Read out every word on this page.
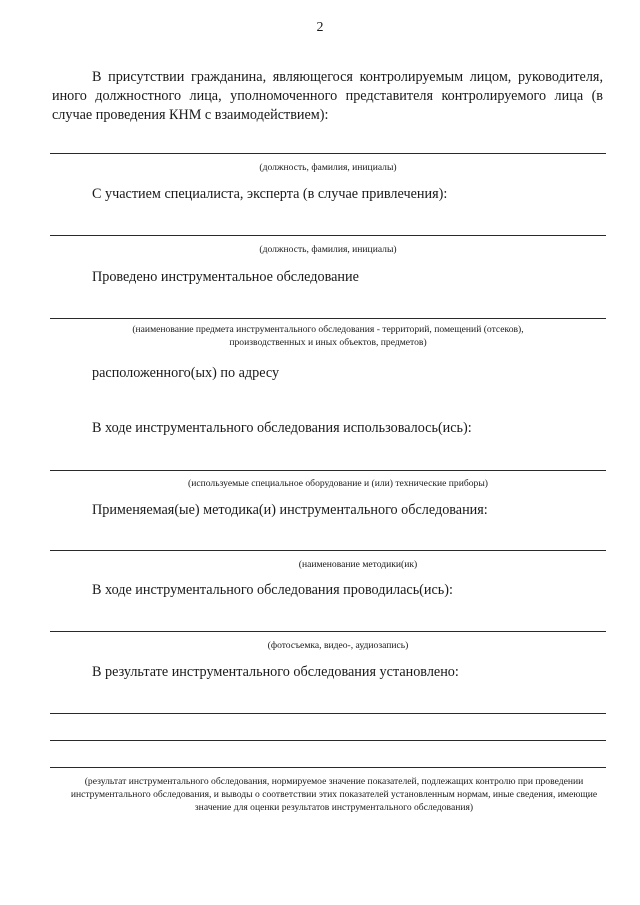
2

В присутствии гражданина, являющегося контролируемым лицом, руководителя, иного должностного лица, уполномоченного представителя контролируемого лица (в случае проведения КНМ с взаимодействием):

(должность, фамилия, инициалы)
С участием специалиста, эксперта (в случае привлечения):
(должность, фамилия, инициалы)
Проведено инструментальное обследование
(наименование предмета инструментального обследования - территорий, помещений (отсеков),
производственных и иных объектов, предметов)
расположенного(ых) по адресу
В ходе инструментального обследования использовалось(ись):
(используемые специальное оборудование и (или) технические приборы)
Применяемая(ые) методика(и) инструментального обследования:
(наименование методики(ик)
В ходе инструментального обследования проводилась(ись):
(фотосъемка, видео-, аудиозапись)
В результате инструментального обследования установлено:
(результат инструментального обследования, нормируемое значение показателей, подлежащих контролю при проведении инструментального обследования, и выводы о соответствии этих показателей установленным нормам, иные сведения, имеющие значение для оценки результатов инструментального обследования)
